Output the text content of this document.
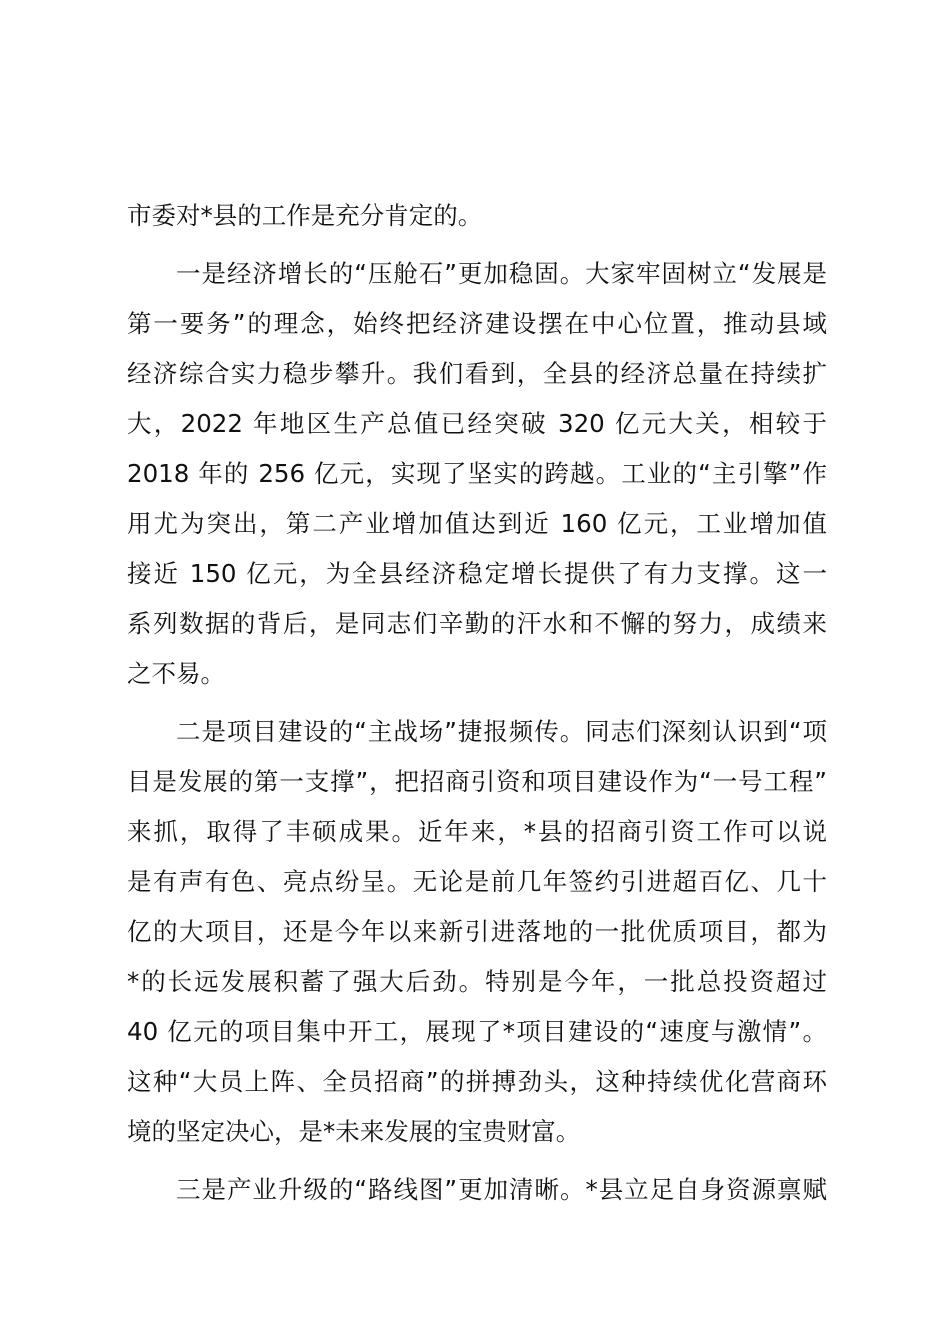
市委对*县的工作是充分肯定的。
一是经济增长的“压舱石”更加稳固。大家牢固树立“发展是
第一要务”的理念，始终把经济建设摆在中心位置，推动县域
经济综合实力稳步攀升。我们看到，全县的经济总量在持续扩
大，2022 年地区生产总值已经突破 320 亿元大关，相较于
2018 年的 256 亿元，实现了坚实的跨越。工业的“主引擎”作
用尤为突出，第二产业增加值达到近 160 亿元，工业增加值
接近 150 亿元，为全县经济稳定增长提供了有力支撑。这一
系列数据的背后，是同志们辛勤的汗水和不懈的努力，成绩来
之不易。
二是项目建设的“主战场”捷报频传。同志们深刻认识到“项
目是发展的第一支撑”，把招商引资和项目建设作为“一号工程”
来抓，取得了丰硕成果。近年来，*县的招商引资工作可以说
是有声有色、亮点纷呈。无论是前几年签约引进超百亿、几十
亿的大项目，还是今年以来新引进落地的一批优质项目，都为
*的长远发展积蓄了强大后劲。特别是今年，一批总投资超过
40 亿元的项目集中开工，展现了*项目建设的“速度与激情”。
这种“大员上阵、全员招商”的拼搏劲头，这种持续优化营商环
境的坚定决心，是*未来发展的宝贵财富。
三是产业升级的“路线图”更加清晰。*县立足自身资源禀赋
